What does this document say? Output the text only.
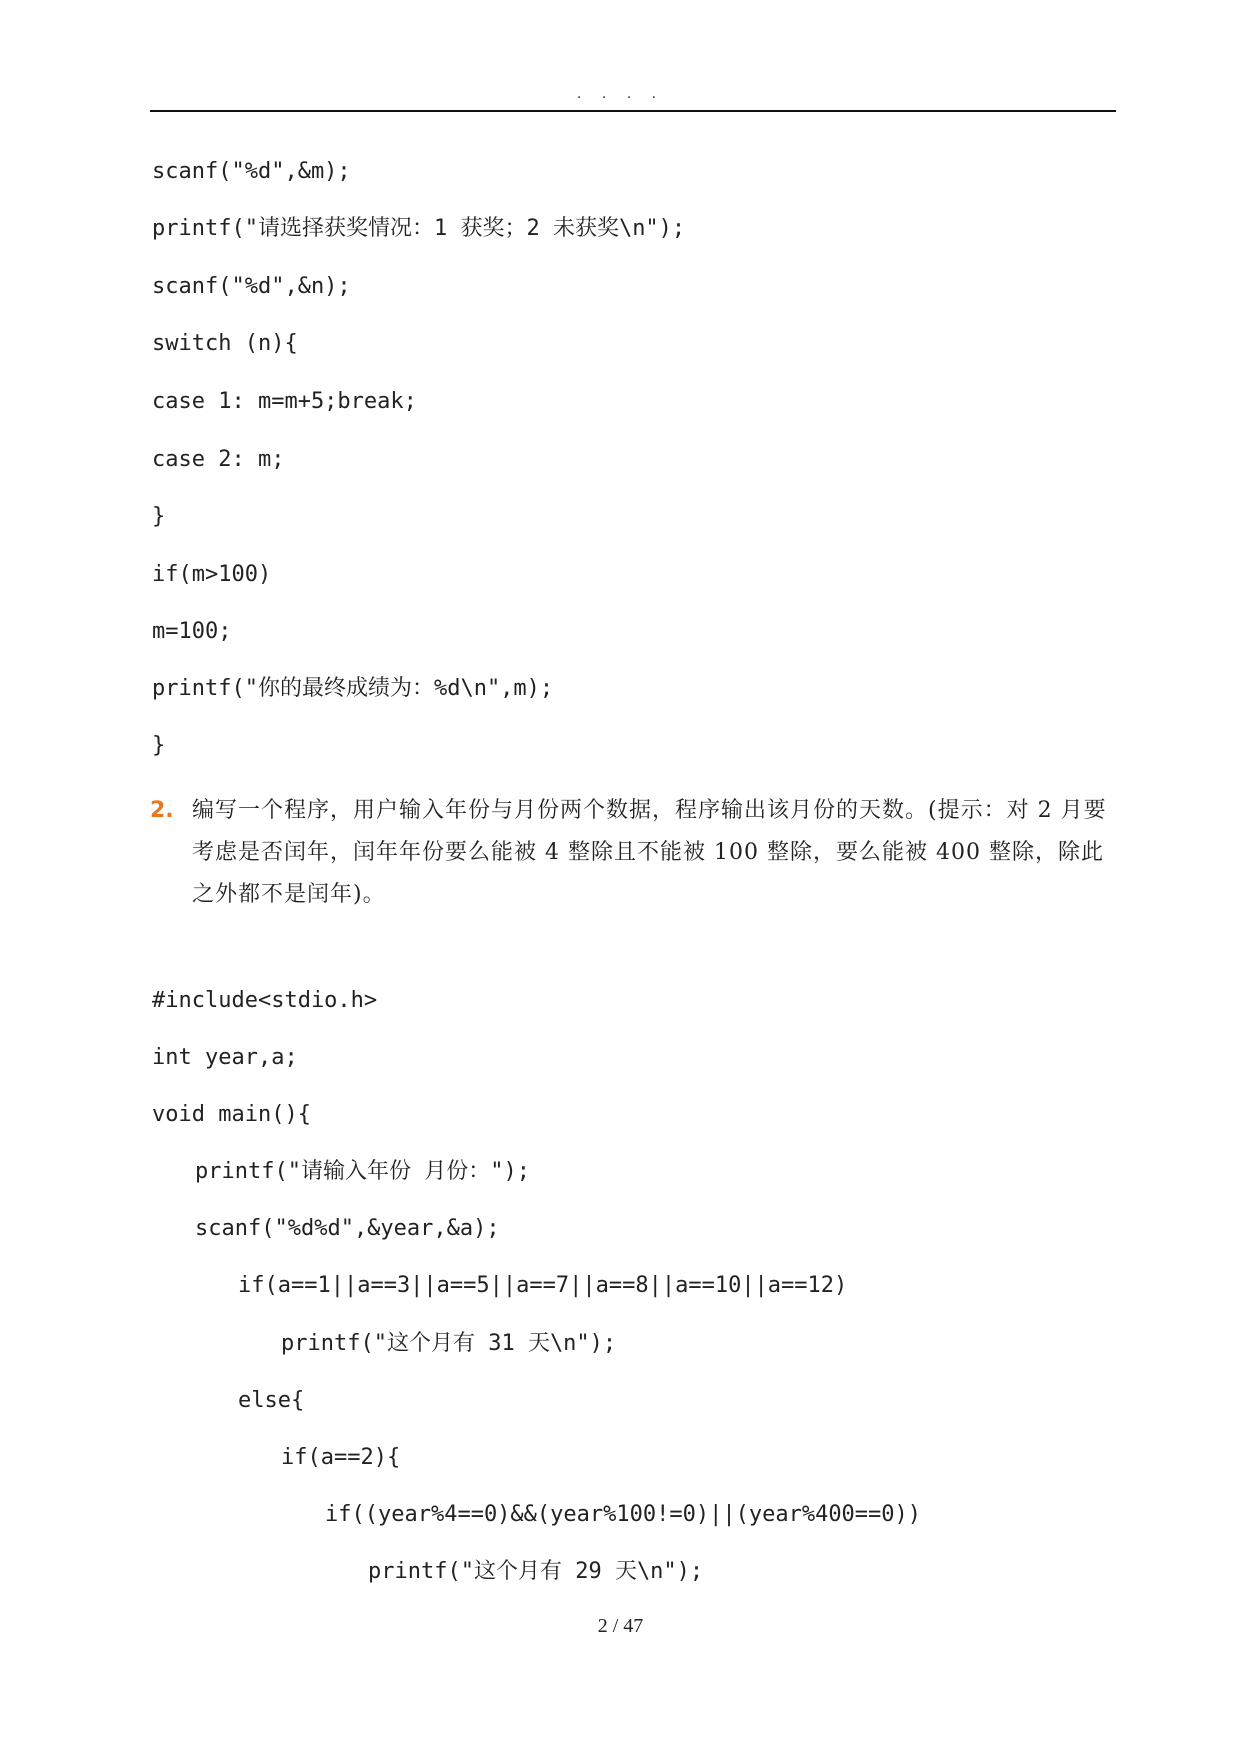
. . . .
scanf("%d",&m);
printf("请选择获奖情况：1 获奖；2 未获奖\n");
scanf("%d",&n);
switch (n){
case 1: m=m+5;break;
case 2: m;
}
if(m>100)
m=100;
printf("你的最终成绩为：%d\n",m);
}
2. 编写一个程序，用户输入年份与月份两个数据，程序输出该月份的天数。(提示：对 2 月要考虑是否闰年，闰年年份要么能被 4 整除且不能被 100 整除，要么能被 400 整除，除此之外都不是闰年)。
#include<stdio.h>
int year,a;
void main(){
printf("请输入年份 月份：");
scanf("%d%d",&year,&a);
if(a==1||a==3||a==5||a==7||a==8||a==10||a==12)
printf("这个月有 31 天\n");
else{
if(a==2){
if((year%4==0)&&(year%100!=0)||(year%400==0))
printf("这个月有 29 天\n");
2 / 47
